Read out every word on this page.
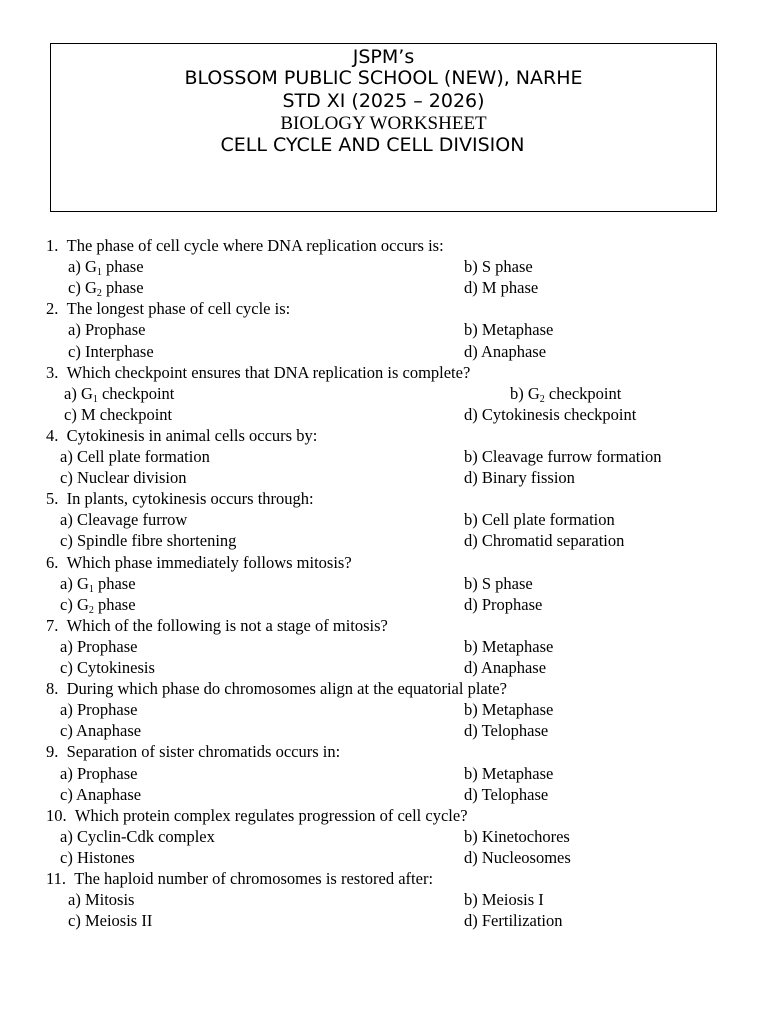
JSPM’s
BLOSSOM PUBLIC SCHOOL (NEW), NARHE
STD XI (2025 – 2026)
BIOLOGY WORKSHEET
CELL CYCLE AND CELL DIVISION
1. The phase of cell cycle where DNA replication occurs is:
a) $G_1$ phase	b) S phase
c) $G_2$ phase	d) M phase
2. The longest phase of cell cycle is:
a) Prophase	b) Metaphase
c) Interphase	d) Anaphase
3. Which checkpoint ensures that DNA replication is complete?
a) $G_1$ checkpoint	b) $G_2$ checkpoint
c) M checkpoint	d) Cytokinesis checkpoint
4. Cytokinesis in animal cells occurs by:
a) Cell plate formation	b) Cleavage furrow formation
c) Nuclear division	d) Binary fission
5. In plants, cytokinesis occurs through:
a) Cleavage furrow	b) Cell plate formation
c) Spindle fibre shortening	d) Chromatid separation
6. Which phase immediately follows mitosis?
a) $G_1$ phase	b) S phase
c) $G_2$ phase	d) Prophase
7. Which of the following is not a stage of mitosis?
a) Prophase	b) Metaphase
c) Cytokinesis	d) Anaphase
8. During which phase do chromosomes align at the equatorial plate?
a) Prophase	b) Metaphase
c) Anaphase	d) Telophase
9. Separation of sister chromatids occurs in:
a) Prophase	b) Metaphase
c) Anaphase	d) Telophase
10. Which protein complex regulates progression of cell cycle?
a) Cyclin-Cdk complex	b) Kinetochores
c) Histones	d) Nucleosomes
11. The haploid number of chromosomes is restored after:
a) Mitosis	b) Meiosis I
c) Meiosis II	d) Fertilization
